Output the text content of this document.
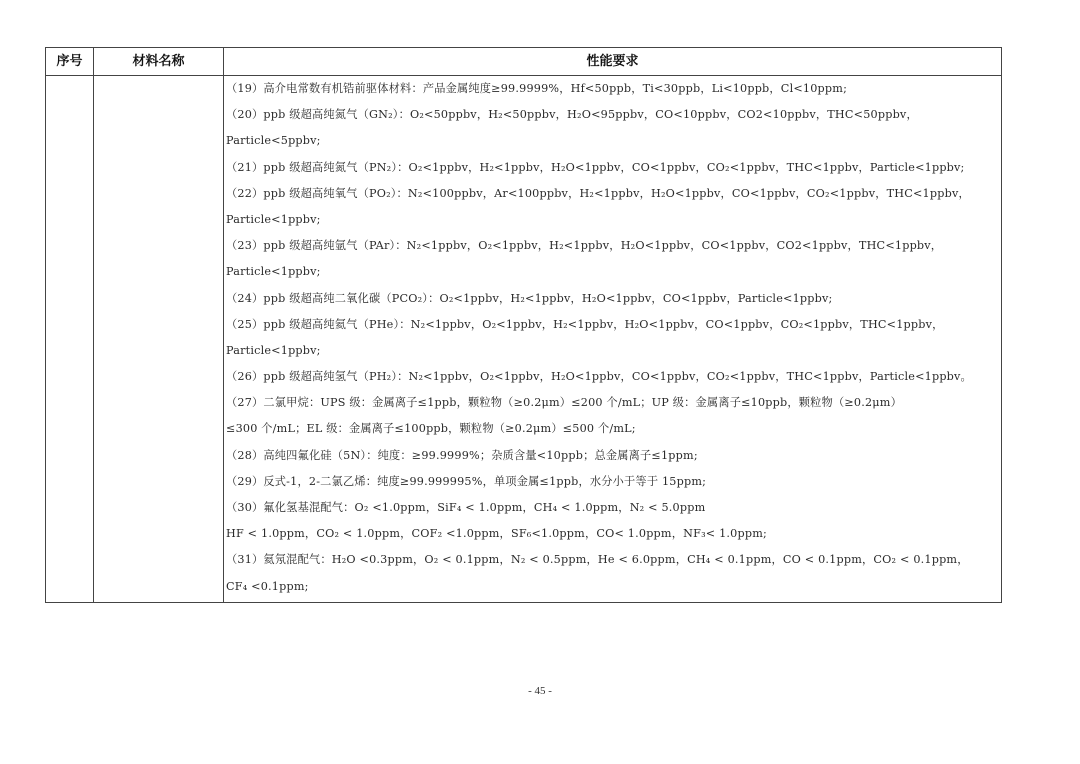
序号	材料名称	性能要求
（19）高介电常数有机锆前驱体材料：产品金属纯度≥99.9999%，Hf<50ppb，Ti<30ppb，Li<10ppb，Cl<10ppm;
（20）ppb 级超高纯氮气（GN₂）：O₂<50ppbv，H₂<50ppbv，H₂O<95ppbv，CO<10ppbv，CO2<10ppbv，THC<50ppbv，
Particle<5ppbv;
（21）ppb 级超高纯氮气（PN₂）：O₂<1ppbv，H₂<1ppbv，H₂O<1ppbv，CO<1ppbv，CO₂<1ppbv，THC<1ppbv，Particle<1ppbv;
（22）ppb 级超高纯氧气（PO₂）：N₂<100ppbv，Ar<100ppbv，H₂<1ppbv，H₂O<1ppbv，CO<1ppbv，CO₂<1ppbv，THC<1ppbv，
Particle<1ppbv;
（23）ppb 级超高纯氩气（PAr）：N₂<1ppbv，O₂<1ppbv，H₂<1ppbv，H₂O<1ppbv，CO<1ppbv，CO2<1ppbv，THC<1ppbv，
Particle<1ppbv;
（24）ppb 级超高纯二氧化碳（PCO₂）：O₂<1ppbv，H₂<1ppbv，H₂O<1ppbv，CO<1ppbv，Particle<1ppbv;
（25）ppb 级超高纯氦气（PHe）：N₂<1ppbv，O₂<1ppbv，H₂<1ppbv，H₂O<1ppbv，CO<1ppbv，CO₂<1ppbv，THC<1ppbv，
Particle<1ppbv;
（26）ppb 级超高纯氢气（PH₂）：N₂<1ppbv，O₂<1ppbv，H₂O<1ppbv，CO<1ppbv，CO₂<1ppbv，THC<1ppbv，Particle<1ppbv。
（27）二氯甲烷：UPS 级：金属离子≤1ppb，颗粒物（≥0.2μm）≤200 个/mL；UP 级：金属离子≤10ppb，颗粒物（≥0.2μm）
≤300 个/mL；EL 级：金属离子≤100ppb，颗粒物（≥0.2μm）≤500 个/mL;
（28）高纯四氟化硅（5N）：纯度：≥99.9999%；杂质含量<10ppb；总金属离子≤1ppm;
（29）反式-1，2-二氯乙烯：纯度≥99.999995%，单项金属≤1ppb，水分小于等于 15ppm;
（30）氟化氢基混配气：O₂ <1.0ppm，SiF₄ < 1.0ppm，CH₄ < 1.0ppm，N₂ < 5.0ppm
HF < 1.0ppm，CO₂ < 1.0ppm，COF₂ <1.0ppm，SF₆<1.0ppm，CO< 1.0ppm，NF₃< 1.0ppm;
（31）氦氖混配气：H₂O <0.3ppm，O₂ < 0.1ppm，N₂ < 0.5ppm，He < 6.0ppm，CH₄ < 0.1ppm，CO < 0.1ppm，CO₂ < 0.1ppm，
CF₄ <0.1ppm;
- 45 -
